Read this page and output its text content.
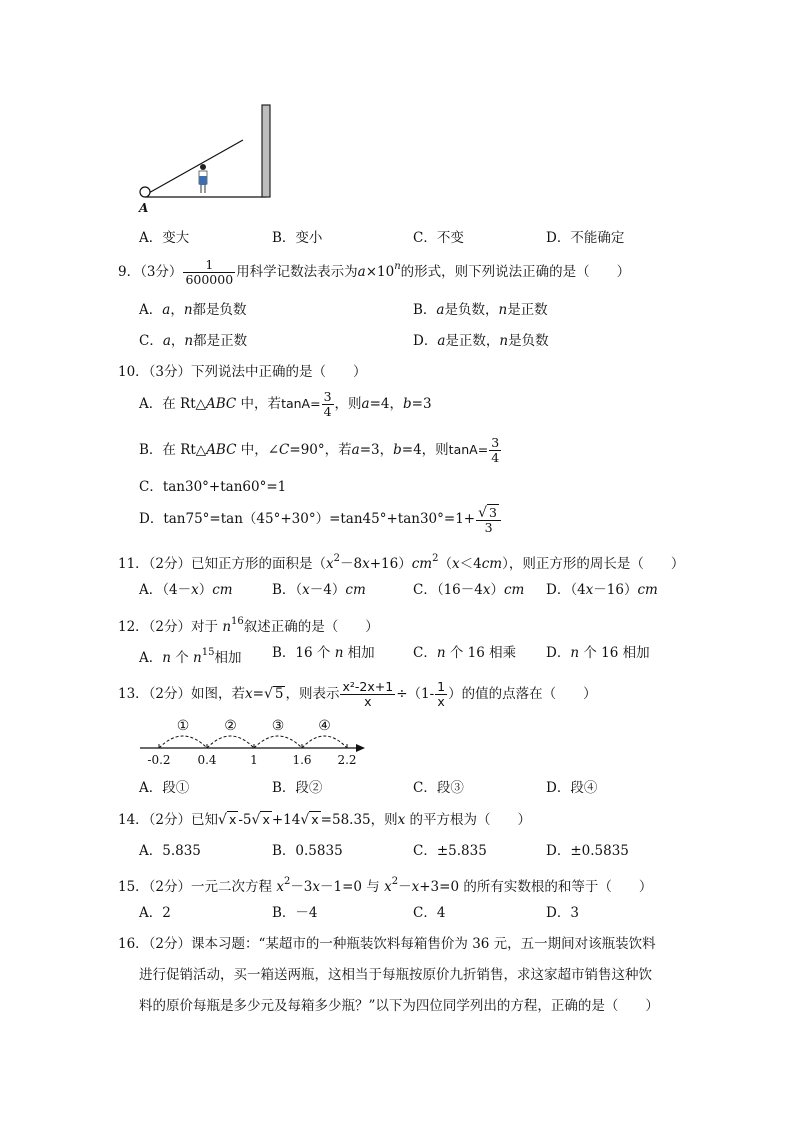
A
A．变大	B．变小	C．不变	D．不能确定
9．（3分） $\frac{1}{600000}$ 用科学记数法表示为$a\times 10^n$的形式，则下列说法正确的是（　　）
A．a，n都是负数	B．a是负数，n是正数
C．a，n都是正数	D．a是正数，n是负数
10．（3分）下列说法中正确的是（　　）
A．在 Rt△ABC 中，若$\tan A= \frac{3}{4}$ ，则a=4，b=3
B．在 Rt△ABC 中，∠C=90°，若a=3，b=4，则$\tan A= \frac{3}{4}$
C．tan30°+tan60°=1
D．$\tan 75^\circ=\tan(45^\circ+30^\circ)=\tan 45^\circ+\tan 30^\circ=1+ \frac{√ 3}{3}$
11．（2分）已知正方形的面积是$(x^2-8x+16)cm^2(x<4cm)$，则正方形的周长是（　　）
A．（4－x）cm	B．（x－4）cm	C．（16－4x）cm D．（4x－16）cm
12．（2分）对于 $n^{16}$叙述正确的是（　　）
A．n 个 $n^{15}$相加 B．16 个 n 相加	C．n 个 16 相乘 D．n 个 16 相加
13．（2分）如图，若x=√ 5 ，则表示 $\frac{\text{x²-2x+1}}{x} \div(1- \frac{1}{x}$ ）的值的点落在（　　）
① ② ③ ④
-0.2 0.4	1	1.6 2.2
A．段①	B．段②	C．段③	D．段④
14．（2分）已知√ x -5√ x +14√ x =58.35，则x 的平方根为（　　）
A．5.835	B．0.5835	C．±5.835	D．±0.5835
15．（2分）一元二次方程 $x^2-3x-1=0$ 与 $x^2-x+3=0$ 的所有实数根的和等于（　　）
A．2	B．－4	C．4	D．3
16．（2分）课本习题：“某超市的一种瓶装饮料每箱售价为 36 元，五一期间对该瓶装饮料
进行促销活动，买一箱送两瓶，这相当于每瓶按原价九折销售，求这家超市销售这种饮
料的原价每瓶是多少元及每箱多少瓶？”以下为四位同学列出的方程，正确的是（　　）
